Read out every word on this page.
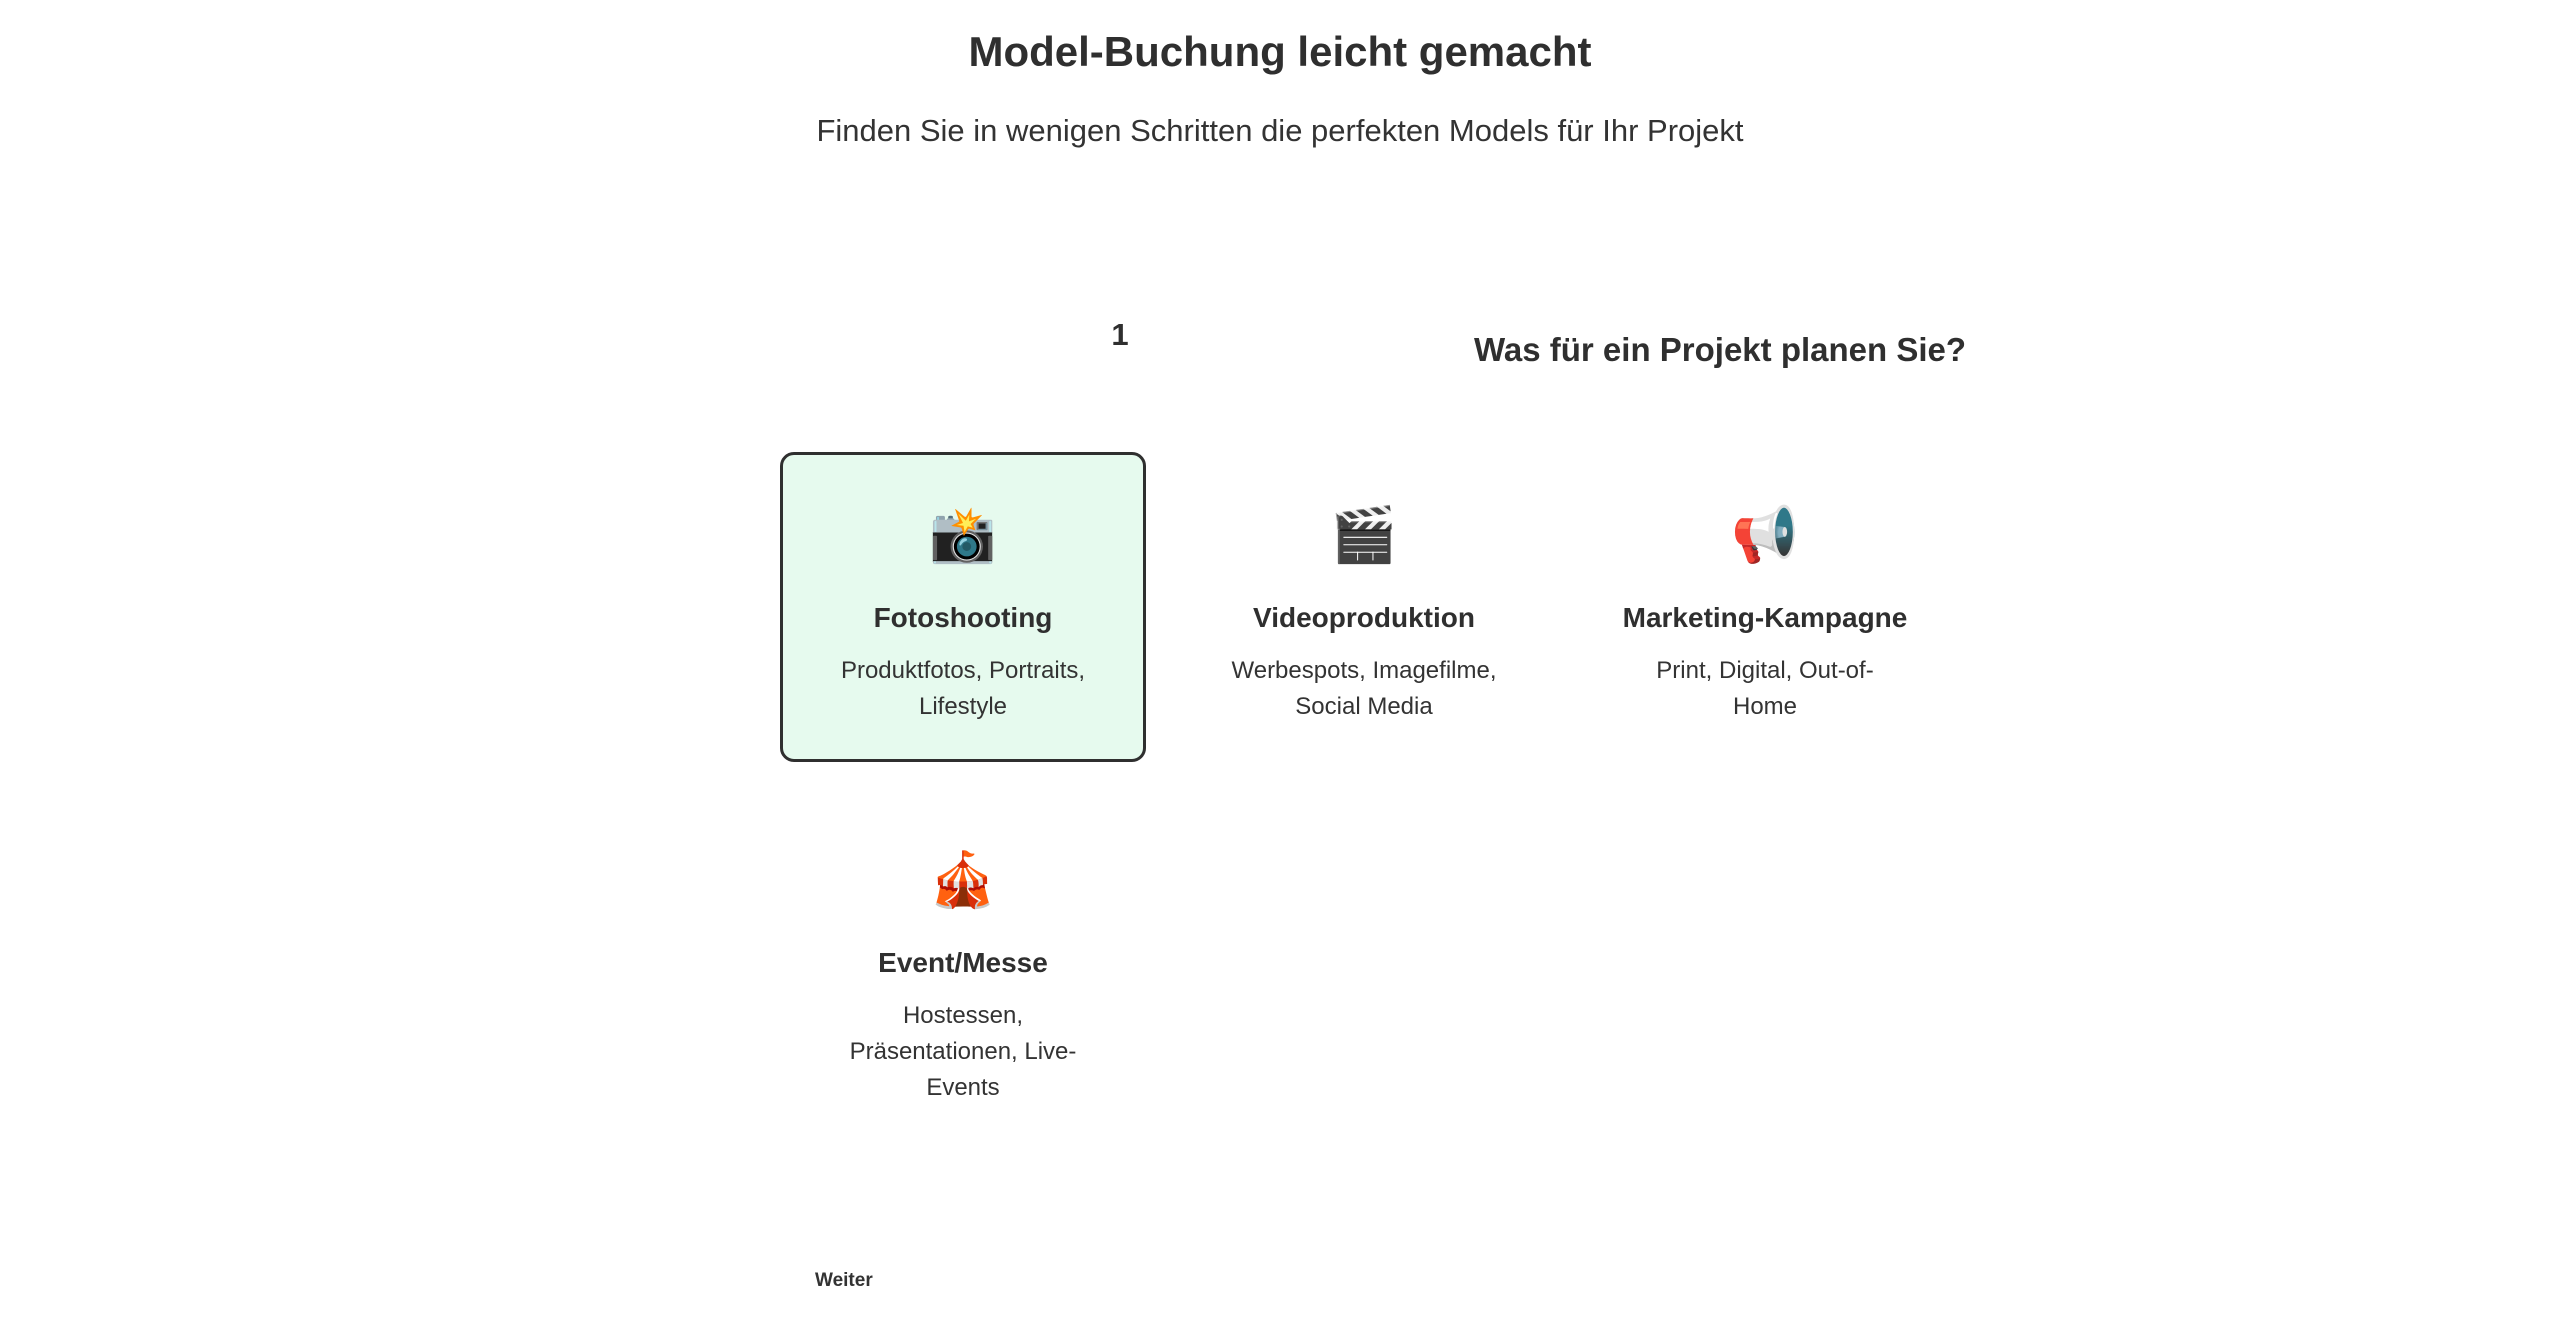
Model-Buchung leicht gemacht

Finden Sie in wenigen Schritten die perfekten Models für Ihr Projekt

1	Was für ein Projekt planen Sie?
📸
Fotoshooting
Produktfotos, Portraits, Lifestyle
🎬
Videoproduktion
Werbespots, Imagefilme, Social Media
📢
Marketing-Kampagne
Print, Digital, Out-of-Home
🎪
Event/Messe
Hostessen, Präsentationen, Live-Events
Weiter
